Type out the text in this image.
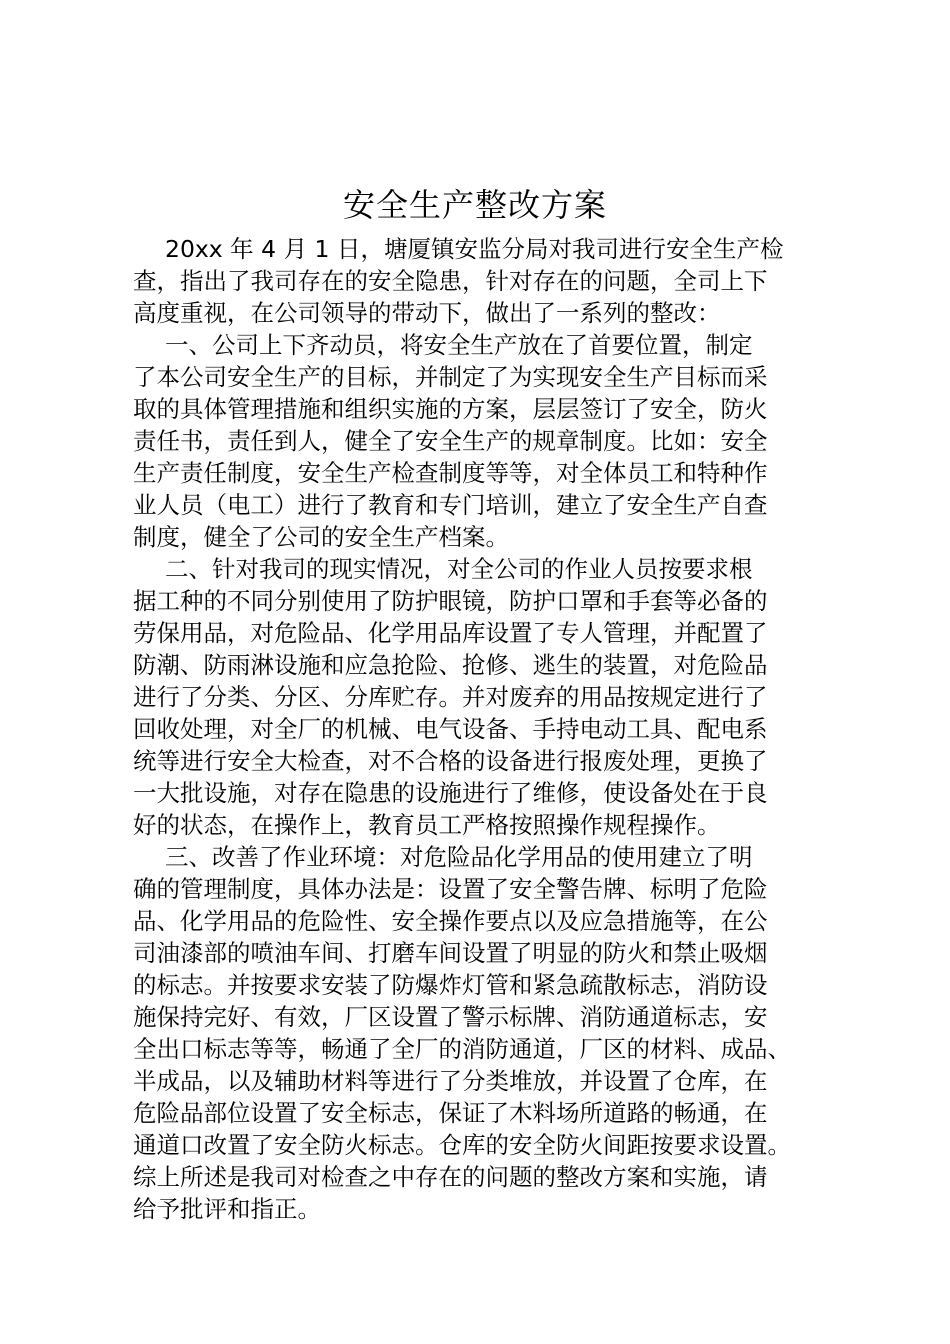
安全生产整改方案
20xx 年 4 月 1 日，塘厦镇安监分局对我司进行安全生产检
查，指出了我司存在的安全隐患，针对存在的问题，全司上下
高度重视，在公司领导的带动下，做出了一系列的整改：
一、公司上下齐动员，将安全生产放在了首要位置，制定
了本公司安全生产的目标，并制定了为实现安全生产目标而采
取的具体管理措施和组织实施的方案，层层签订了安全，防火
责任书，责任到人，健全了安全生产的规章制度。比如：安全
生产责任制度，安全生产检查制度等等，对全体员工和特种作
业人员（电工）进行了教育和专门培训，建立了安全生产自查
制度，健全了公司的安全生产档案。
二、针对我司的现实情况，对全公司的作业人员按要求根
据工种的不同分别使用了防护眼镜，防护口罩和手套等必备的
劳保用品，对危险品、化学用品库设置了专人管理，并配置了
防潮、防雨淋设施和应急抢险、抢修、逃生的装置，对危险品
进行了分类、分区、分库贮存。并对废弃的用品按规定进行了
回收处理，对全厂的机械、电气设备、手持电动工具、配电系
统等进行安全大检查，对不合格的设备进行报废处理，更换了
一大批设施，对存在隐患的设施进行了维修，使设备处在于良
好的状态，在操作上，教育员工严格按照操作规程操作。
三、改善了作业环境：对危险品化学用品的使用建立了明
确的管理制度，具体办法是：设置了安全警告牌、标明了危险
品、化学用品的危险性、安全操作要点以及应急措施等，在公
司油漆部的喷油车间、打磨车间设置了明显的防火和禁止吸烟
的标志。并按要求安装了防爆炸灯管和紧急疏散标志，消防设
施保持完好、有效，厂区设置了警示标牌、消防通道标志，安
全出口标志等等，畅通了全厂的消防通道，厂区的材料、成品、
半成品，以及辅助材料等进行了分类堆放，并设置了仓库，在
危险品部位设置了安全标志，保证了木料场所道路的畅通，在
通道口改置了安全防火标志。仓库的安全防火间距按要求设置。
综上所述是我司对检查之中存在的问题的整改方案和实施，请
给予批评和指正。
